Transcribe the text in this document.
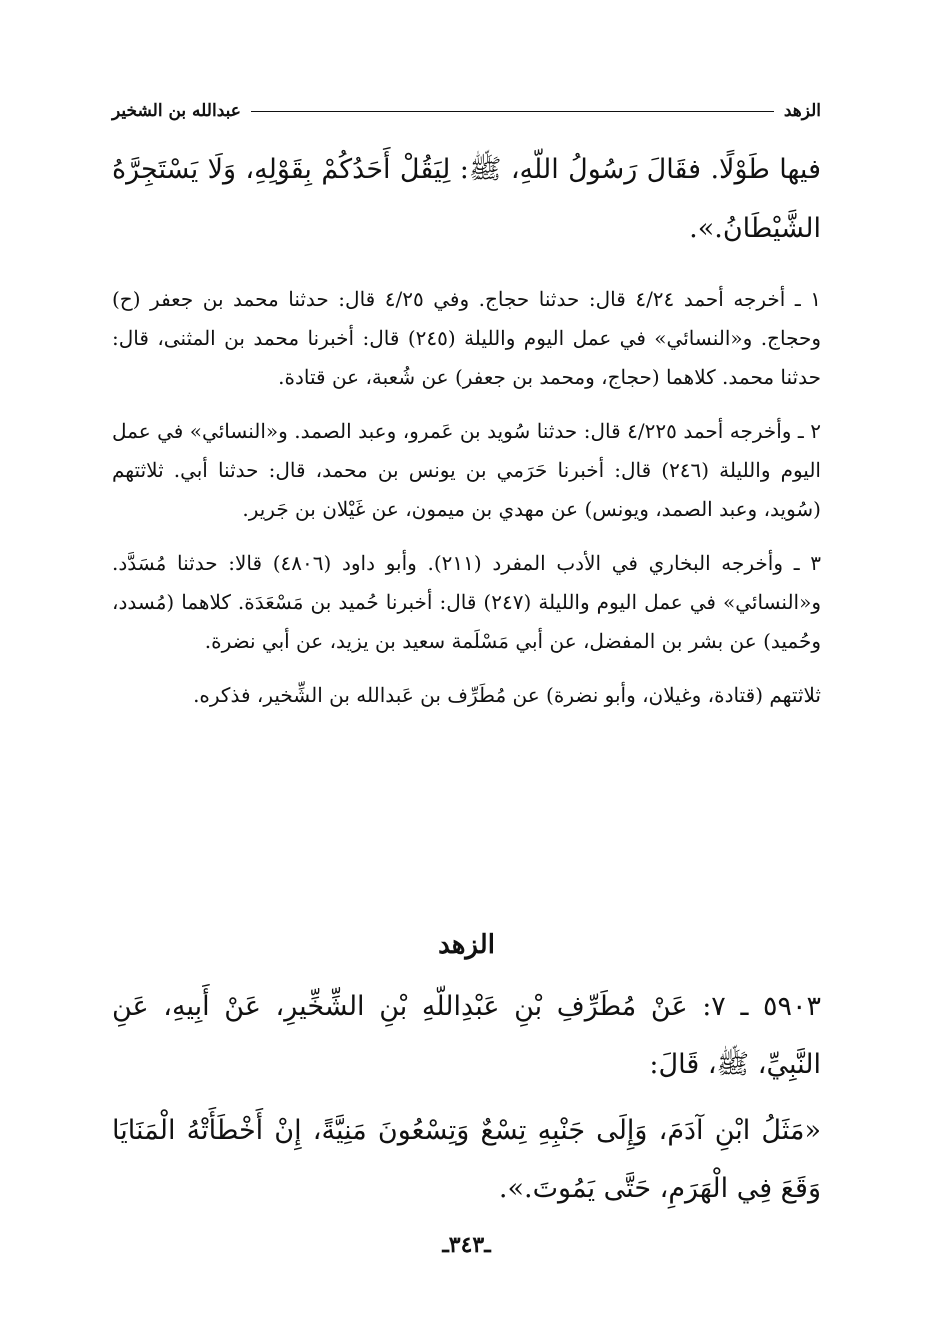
الزهد
عبدالله بن الشخير
فيها طَوْلًا. فقَالَ رَسُولُ اللّهِ، ﷺ: لِيَقُلْ أَحَدُكُمْ بِقَوْلِهِ، وَلَا يَسْتَجِرَّهُ الشَّيْطَانُ.».

١ ـ أخرجه أحمد ٤/٢٤ قال: حدثنا حجاج. وفي ٤/٢٥ قال: حدثنا محمد بن جعفر (ح) وحجاج. و«النسائي» في عمل اليوم والليلة (٢٤٥) قال: أخبرنا محمد بن المثنى، قال: حدثنا محمد. كلاهما (حجاج، ومحمد بن جعفر) عن شُعبة، عن قتادة.

٢ ـ وأخرجه أحمد ٤/٢٢٥ قال: حدثنا سُويد بن عَمرو، وعبد الصمد. و«النسائي» في عمل اليوم والليلة (٢٤٦) قال: أخبرنا حَرَمي بن يونس بن محمد، قال: حدثنا أبي. ثلاثتهم (سُويد، وعبد الصمد، ويونس) عن مهدي بن ميمون، عن غَيْلان بن جَرير.

٣ ـ وأخرجه البخاري في الأدب المفرد (٢١١). وأبو داود (٤٨٠٦) قالا: حدثنا مُسَدَّد. و«النسائي» في عمل اليوم والليلة (٢٤٧) قال: أخبرنا حُميد بن مَسْعَدَة. كلاهما (مُسدد، وحُميد) عن بشر بن المفضل، عن أبي مَسْلَمة سعيد بن يزيد، عن أبي نضرة.

ثلاثتهم (قتادة، وغيلان، وأبو نضرة) عن مُطَرِّف بن عَبدالله بن الشِّخير، فذكره.

الزهد

٥٩٠٣ ـ ٧: عَنْ مُطَرِّفِ بْنِ عَبْدِاللّهِ بْنِ الشِّخِّيرِ، عَنْ أَبِيهِ، عَنِ النَّبِيِّ، ﷺ، قَالَ:

«مَثَلُ ابْنِ آدَمَ، وَإِلَى جَنْبِهِ تِسْعٌ وَتِسْعُونَ مَنِيَّةً، إِنْ أَخْطَأَتْهُ الْمَنَايَا وَقَعَ فِي الْهَرَمِ، حَتَّى يَمُوتَ.».

ـ٣٤٣ـ
